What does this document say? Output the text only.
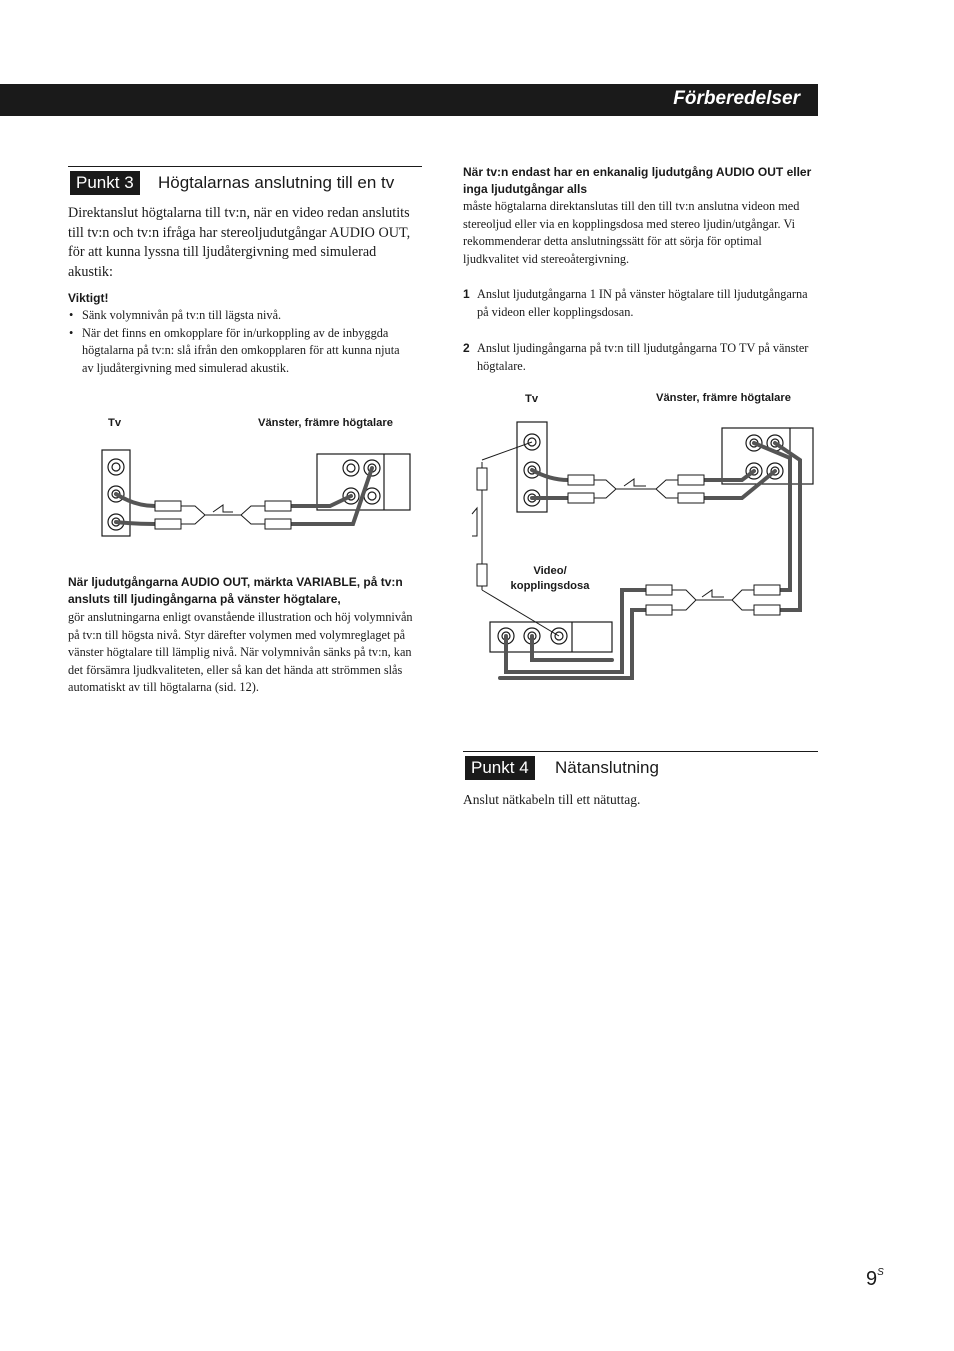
Förberedelser
Punkt 3	Högtalarnas anslutning till en tv
Direktanslut högtalarna till tv:n, när en video redan anslutits till tv:n och tv:n ifråga har stereoljudutgångar AUDIO OUT, för att kunna lyssna till ljudåtergivning med simulerad akustik:
Viktigt!
• Sänk volymnivån på tv:n till lägsta nivå.
• När det finns en omkopplare för in/urkoppling av de inbyggda högtalarna på tv:n: slå ifrån den omkopplaren för att kunna njuta av ljudåtergivning med simulerad akustik.
Tv	Vänster, främre högtalare
När ljudutgångarna AUDIO OUT, märkta VARIABLE, på tv:n ansluts till ljudingångarna på vänster högtalare,
gör anslutningarna enligt ovanstående illustration och höj volymnivån på tv:n till högsta nivå. Styr därefter volymen med volymreglaget på vänster högtalare till lämplig nivå. När volymnivån sänks på tv:n, kan det försämra ljudkvaliteten, eller så kan det hända att strömmen slås automatiskt av till högtalarna (sid. 12).
När tv:n endast har en enkanalig ljudutgång AUDIO OUT eller inga ljudutgångar alls
måste högtalarna direktanslutas till den till tv:n anslutna videon med stereoljud eller via en kopplingsdosa med stereo ljudin/utgångar. Vi rekommenderar detta anslutningssätt för att sörja för optimal ljudkvalitet vid stereoåtergivning.
1 Anslut ljudutgångarna 1 IN på vänster högtalare till ljudutgångarna på videon eller kopplingsdosan.
2 Anslut ljudingångarna på tv:n till ljudutgångarna TO TV på vänster högtalare.
Tv	Vänster, främre högtalare
Video/
kopplingsdosa
Punkt 4	Nätanslutning
Anslut nätkabeln till ett nätuttag.
$9^S$
